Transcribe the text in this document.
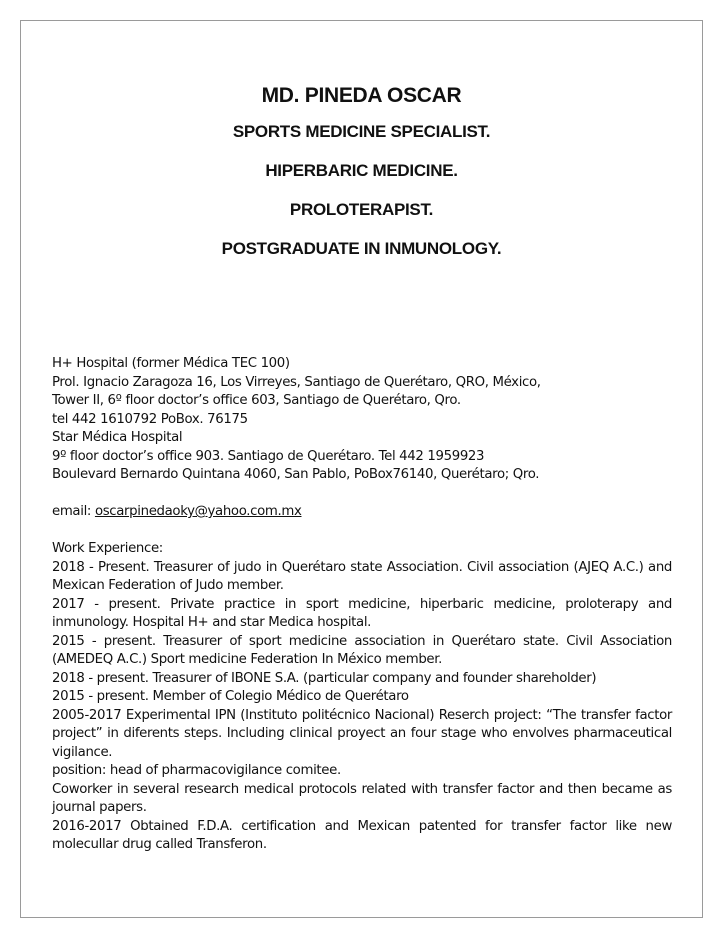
MD. PINEDA OSCAR
SPORTS MEDICINE SPECIALIST.
HIPERBARIC MEDICINE.
PROLOTERAPIST.
POSTGRADUATE IN INMUNOLOGY.
H+ Hospital (former Médica TEC 100)
Prol. Ignacio Zaragoza 16, Los Virreyes, Santiago de Querétaro, QRO, México,
Tower II, 6º floor doctor’s office 603, Santiago de Querétaro, Qro.
tel 442 1610792 PoBox. 76175
Star Médica Hospital
9º floor doctor’s office 903. Santiago de Querétaro. Tel 442 1959923
Boulevard Bernardo Quintana 4060, San Pablo, PoBox76140, Querétaro; Qro.
email: oscarpinedaoky@yahoo.com.mx
Work Experience:
2018 - Present. Treasurer of judo in Querétaro state Association. Civil association (AJEQ A.C.) and Mexican Federation of Judo member.
2017 - present. Private practice in sport medicine, hiperbaric medicine, proloterapy and inmunology. Hospital H+ and star Medica hospital.
2015 - present. Treasurer of sport medicine association in Querétaro state. Civil Association (AMEDEQ A.C.) Sport medicine Federation In México member.
2018 - present. Treasurer of IBONE S.A. (particular company and founder shareholder)
2015 - present. Member of Colegio Médico de Querétaro
2005-2017 Experimental IPN (Instituto politécnico Nacional) Reserch project: “The transfer factor project” in diferents steps. Including clinical proyect an four stage who envolves pharmaceutical vigilance.
position: head of pharmacovigilance comitee.
Coworker in several research medical protocols related with transfer factor and then became as journal papers.
2016-2017 Obtained F.D.A. certification and Mexican patented for transfer factor like new molecullar drug called Transferon.
